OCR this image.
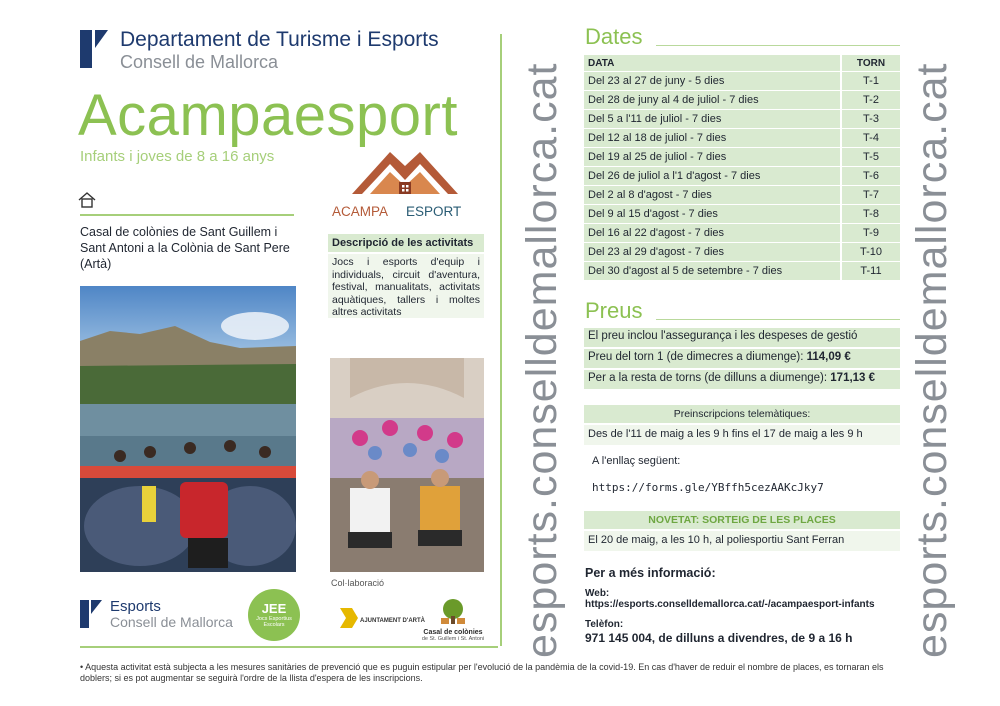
Departament de Turisme i Esports
Consell de Mallorca
Acampaesport
Infants i joves de 8 a 16 anys
Casal de colònies de Sant Guillem i Sant Antoni a la Colònia de Sant Pere (Artà)
ACAMPA ESPORT
Descripció de les activitats
Jocs i esports d'equip i individuals, circuit d'aventura, festival, manualitats, activitats aquàtiques, tallers i moltes altres activitats
Col·laboració
Esports
Consell de Mallorca
JEE
Jocs Esportius Escolars
AJUNTAMENT D'ARTÀ
Casal de colònies
de St. Guillem i St. Antoni
• Aquesta activitat està subjecta a les mesures sanitàries de prevenció que es puguin estipular per l'evolució de la pandèmia de la covid-19. En cas d'haver de reduir el nombre de places, es tornaran els doblers; si es pot augmentar se seguirà l'ordre de la llista d'espera de les inscripcions.
esports.conselldemallorca.cat	esports.conselldemallorca.cat
Dates
DATA	TORN
Del 23 al 27 de juny - 5 dies	T-1
Del 28 de juny al 4 de juliol - 7 dies	T-2
Del 5 a l'11 de juliol - 7 dies	T-3
Del 12 al 18 de juliol - 7 dies	T-4
Del 19 al 25 de juliol - 7 dies	T-5
Del 26 de juliol a l'1 d'agost - 7 dies	T-6
Del 2 al 8 d'agost - 7 dies	T-7
Del 9 al 15 d'agost - 7 dies	T-8
Del 16 al 22 d'agost - 7 dies	T-9
Del 23 al 29 d'agost - 7 dies	T-10
Del 30 d'agost al 5 de setembre - 7 dies	T-11
Preus
El preu inclou l'assegurança i les despeses de gestió
Preu del torn 1 (de dimecres a diumenge): 114,09 €
Per a la resta de torns (de dilluns a diumenge): 171,13 €
Preinscripcions telemàtiques:
Des de l'11 de maig a les 9 h fins el 17 de maig a les 9 h
A l'enllaç següent:
https://forms.gle/YBffh5cezAAKcJky7
NOVETAT: SORTEIG DE LES PLACES
El 20 de maig, a les 10 h, al poliesportiu Sant Ferran
Per a més informació:
Web:
https://esports.conselldemallorca.cat/-/acampaesport-infants
Telèfon:
971 145 004, de dilluns a divendres, de 9 a 16 h
